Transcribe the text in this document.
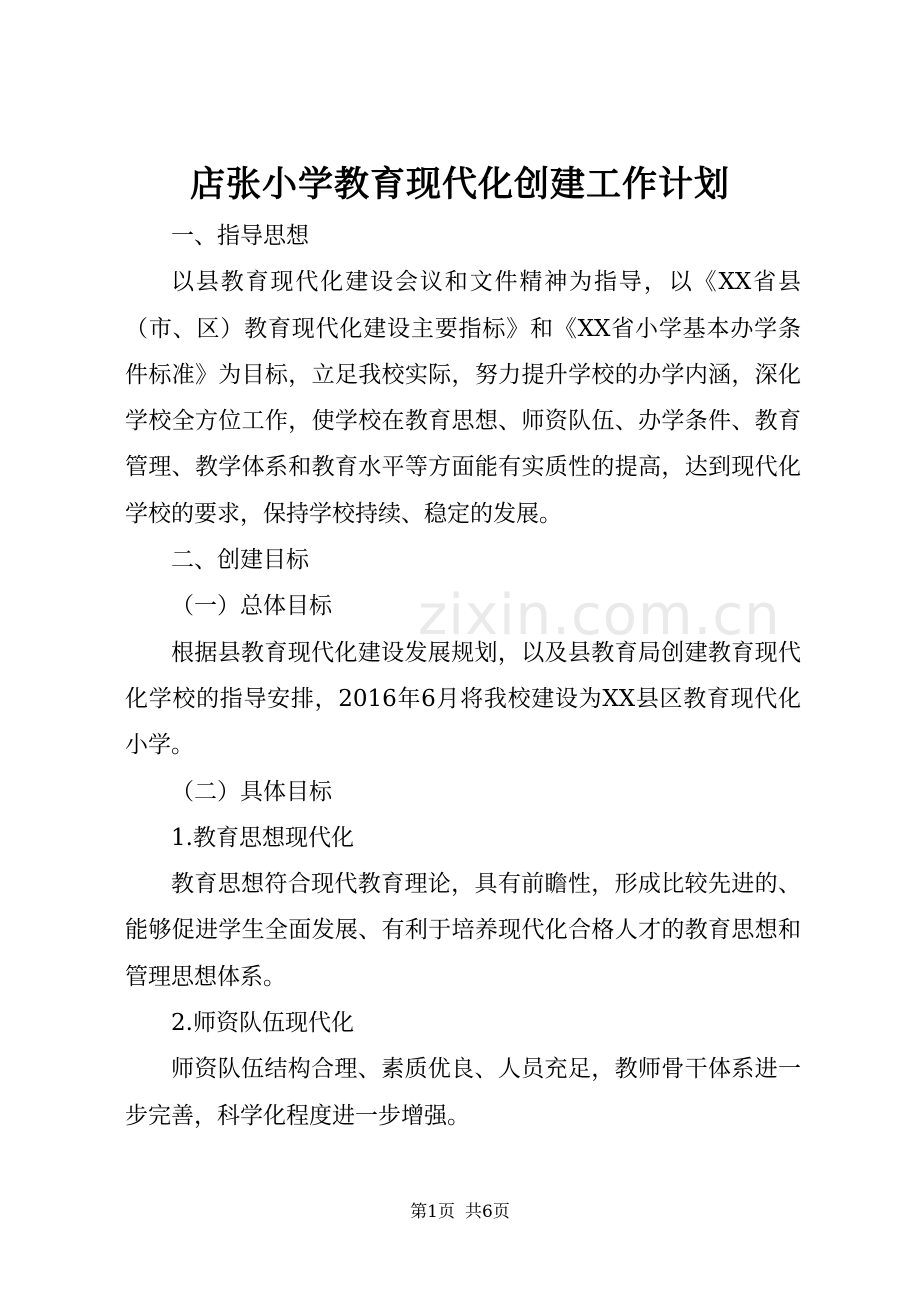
店张小学教育现代化创建工作计划

一、指导思想

以县教育现代化建设会议和文件精神为指导，以《XX省县（市、区）教育现代化建设主要指标》和《XX省小学基本办学条件标准》为目标，立足我校实际，努力提升学校的办学内涵，深化学校全方位工作，使学校在教育思想、师资队伍、办学条件、教育管理、教学体系和教育水平等方面能有实质性的提高，达到现代化学校的要求，保持学校持续、稳定的发展。

二、创建目标

（一）总体目标

根据县教育现代化建设发展规划，以及县教育局创建教育现代化学校的指导安排，2016年6月将我校建设为XX县区教育现代化小学。

（二）具体目标

1.教育思想现代化

教育思想符合现代教育理论，具有前瞻性，形成比较先进的、能够促进学生全面发展、有利于培养现代化合格人才的教育思想和管理思想体系。

2.师资队伍现代化

师资队伍结构合理、素质优良、人员充足，教师骨干体系进一步完善，科学化程度进一步增强。

zixin.com.cn
第1页 共6页
